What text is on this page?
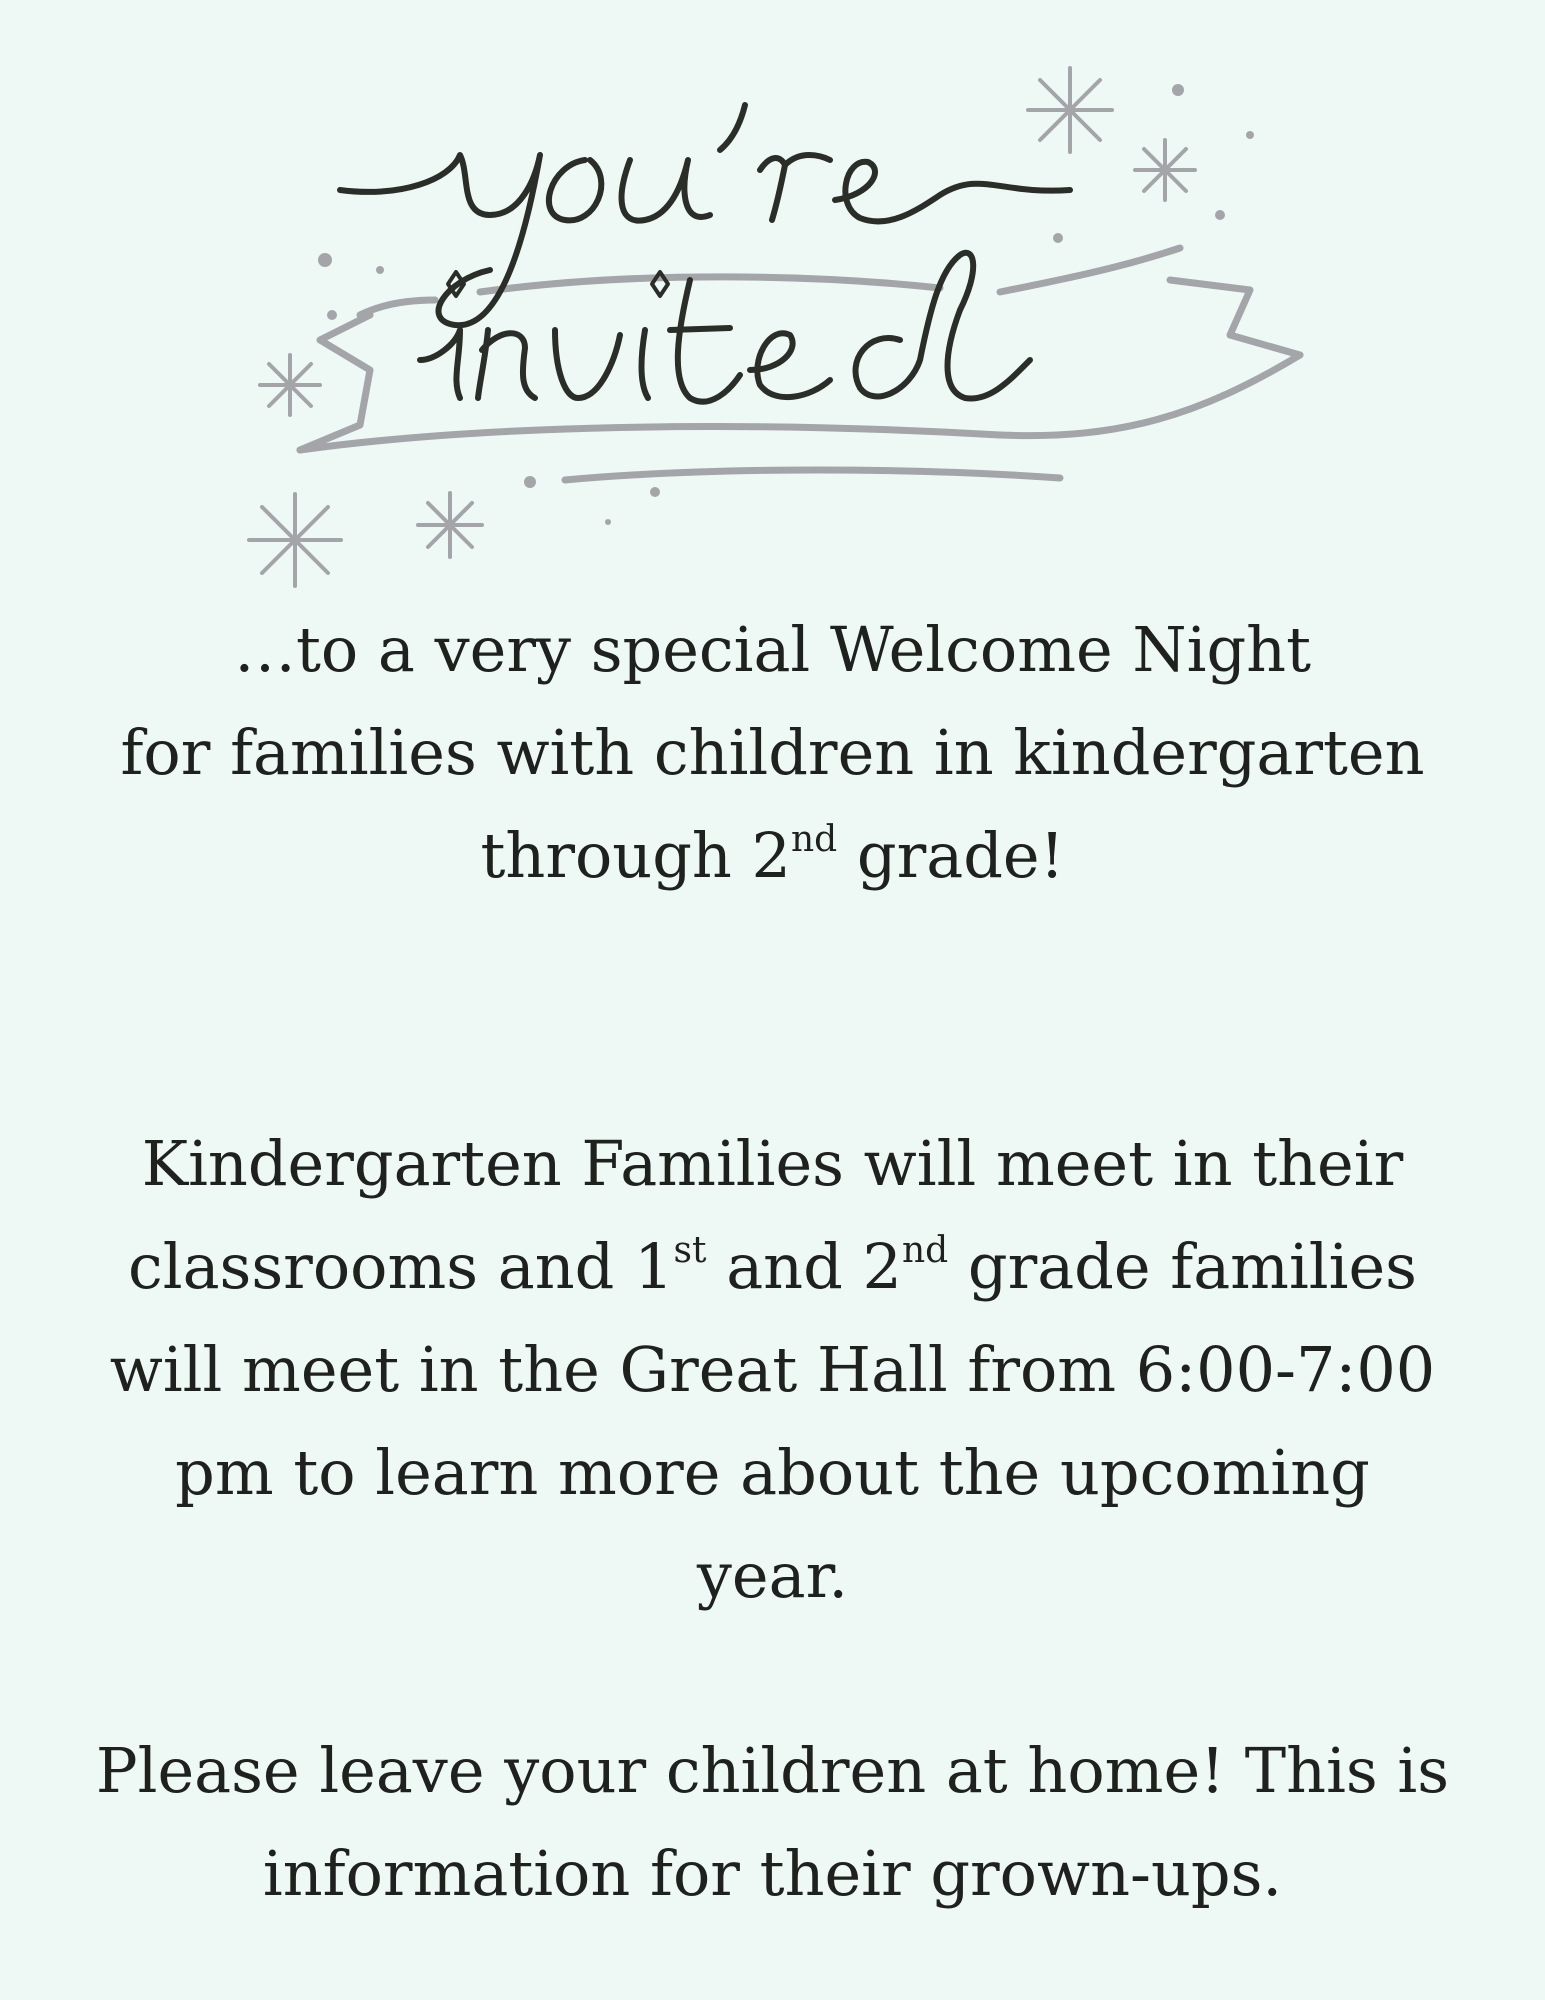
…to a very special Welcome Night
for families with children in kindergarten
through 2nd grade!
Kindergarten Families will meet in their
classrooms and 1st and 2nd grade families
will meet in the Great Hall from 6:00-7:00
pm to learn more about the upcoming
year.
Please leave your children at home! This is
information for their grown-ups.
